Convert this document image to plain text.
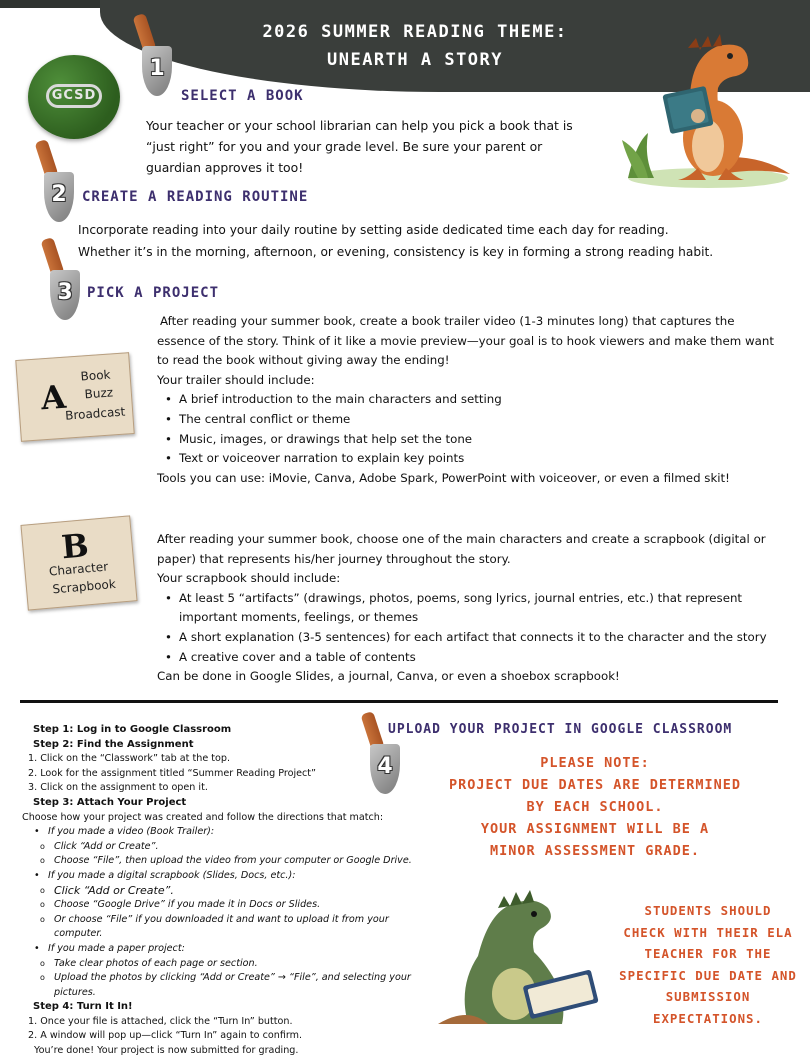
2026 SUMMER READING THEME:
UNEARTH A STORY
GCSD
1
SELECT A BOOK
Your teacher or your school librarian can help you pick a book that is
“just right” for you and your grade level. Be sure your parent or
guardian approves it too!
2	CREATE A READING ROUTINE
Incorporate reading into your daily routine by setting aside dedicated time each day for reading.
Whether it’s in the morning, afternoon, or evening, consistency is key in forming a strong reading habit.
3	PICK A PROJECT
A
Book
Buzz
Broadcast
After reading your summer book, create a book trailer video (1-3 minutes long) that captures the
essence of the story. Think of it like a movie preview—your goal is to hook viewers and make them want
to read the book without giving away the ending!
Your trailer should include:
• A brief introduction to the main characters and setting
• The central conflict or theme
• Music, images, or drawings that help set the tone
• Text or voiceover narration to explain key points
Tools you can use: iMovie, Canva, Adobe Spark, PowerPoint with voiceover, or even a filmed skit!
B
Character
Scrapbook
After reading your summer book, choose one of the main characters and create a scrapbook (digital or
paper) that represents his/her journey throughout the story.
Your scrapbook should include:
• At least 5 “artifacts” (drawings, photos, poems, song lyrics, journal entries, etc.) that represent
important moments, feelings, or themes
• A short explanation (3-5 sentences) for each artifact that connects it to the character and the story
• A creative cover and a table of contents
Can be done in Google Slides, a journal, Canva, or even a shoebox scrapbook!
Step 1: Log in to Google Classroom
Step 2: Find the Assignment
1. Click on the “Classwork” tab at the top.
2. Look for the assignment titled “Summer Reading Project”
3. Click on the assignment to open it.
Step 3: Attach Your Project
Choose how your project was created and follow the directions that match:
• If you made a video (Book Trailer):
o Click “Add or Create”.
o Choose “File”, then upload the video from your computer or Google Drive.
• If you made a digital scrapbook (Slides, Docs, etc.):
o Click “Add or Create”.
o Choose “Google Drive” if you made it in Docs or Slides.
o Or choose “File” if you downloaded it and want to upload it from your computer.
• If you made a paper project:
o Take clear photos of each page or section.
o Upload the photos by clicking “Add or Create” → “File”, and selecting your pictures.
Step 4: Turn It In!
1. Once your file is attached, click the “Turn In” button.
2. A window will pop up—click “Turn In” again to confirm.
You’re done! Your project is now submitted for grading.
4
UPLOAD YOUR PROJECT IN GOOGLE CLASSROOM
PLEASE NOTE:
PROJECT DUE DATES ARE DETERMINED
BY EACH SCHOOL.
YOUR ASSIGNMENT WILL BE A
MINOR ASSESSMENT GRADE.
STUDENTS SHOULD
CHECK WITH THEIR ELA
TEACHER FOR THE
SPECIFIC DUE DATE AND
SUBMISSION
EXPECTATIONS.
